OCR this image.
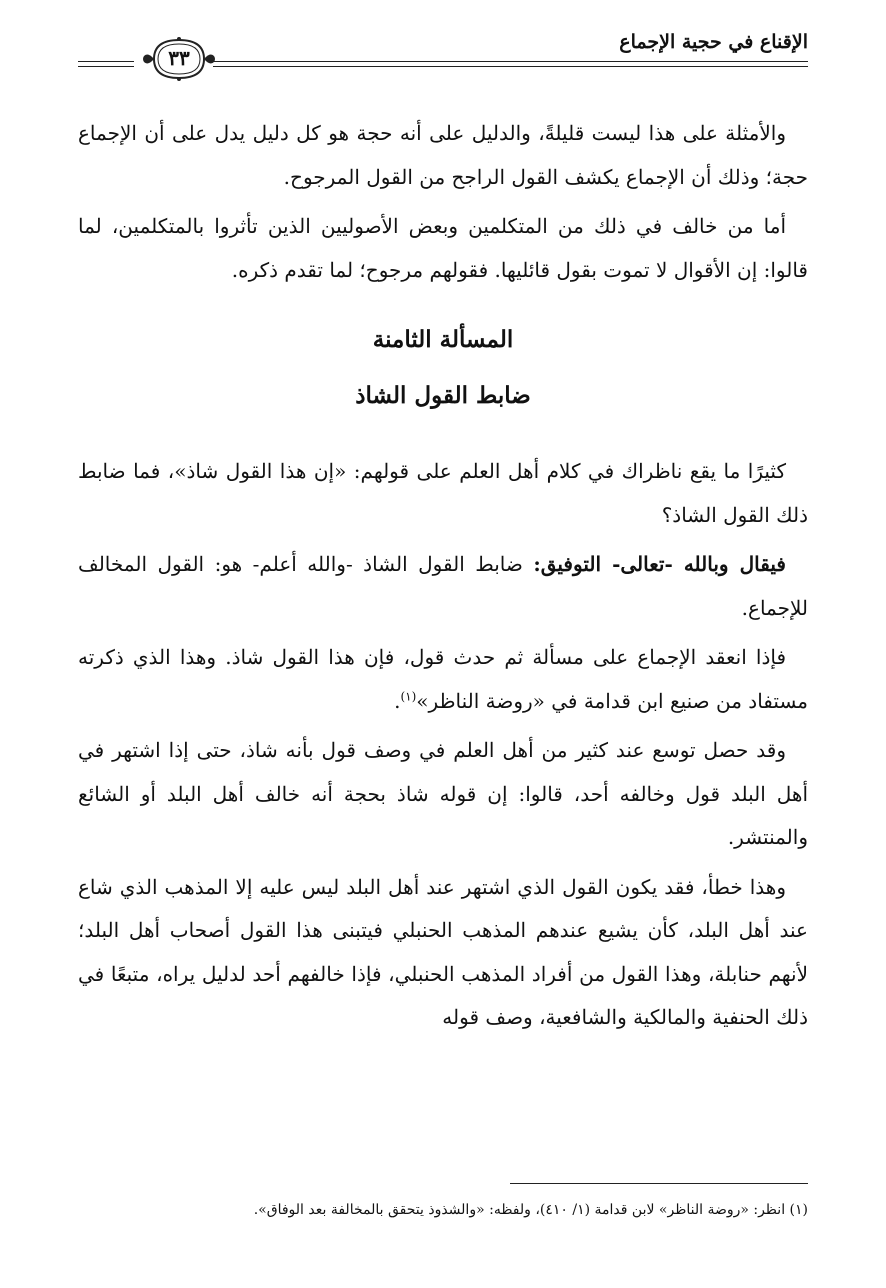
الإقناع في حجية الإجماع
٣٣

والأمثلة على هذا ليست قليلةً، والدليل على أنه حجة هو كل دليل يدل على أن الإجماع حجة؛ وذلك أن الإجماع يكشف القول الراجح من القول المرجوح.

أما من خالف في ذلك من المتكلمين وبعض الأصوليين الذين تأثروا بالمتكلمين، لما قالوا: إن الأقوال لا تموت بقول قائليها. فقولهم مرجوح؛ لما تقدم ذكره.

المسألة الثامنة
ضابط القول الشاذ

كثيرًا ما يقع ناظراك في كلام أهل العلم على قولهم: «إن هذا القول شاذ»، فما ضابط ذلك القول الشاذ؟

فيقال وبالله -تعالى- التوفيق: ضابط القول الشاذ -والله أعلم- هو: القول المخالف للإجماع.

فإذا انعقد الإجماع على مسألة ثم حدث قول، فإن هذا القول شاذ. وهذا الذي ذكرته مستفاد من صنيع ابن قدامة في «روضة الناظر»$^{(١)}$.

وقد حصل توسع عند كثير من أهل العلم في وصف قول بأنه شاذ، حتى إذا اشتهر في أهل البلد قول وخالفه أحد، قالوا: إن قوله شاذ بحجة أنه خالف أهل البلد أو الشائع والمنتشر.

وهذا خطأ، فقد يكون القول الذي اشتهر عند أهل البلد ليس عليه إلا المذهب الذي شاع عند أهل البلد، كأن يشيع عندهم المذهب الحنبلي فيتبنى هذا القول أصحاب أهل البلد؛ لأنهم حنابلة، وهذا القول من أفراد المذهب الحنبلي، فإذا خالفهم أحد لدليل يراه، متبعًا في ذلك الحنفية والمالكية والشافعية، وصف قوله

(١) انظر: «روضة الناظر» لابن قدامة (١/ ٤١٠)، ولفظه: «والشذوذ يتحقق بالمخالفة بعد الوفاق».
